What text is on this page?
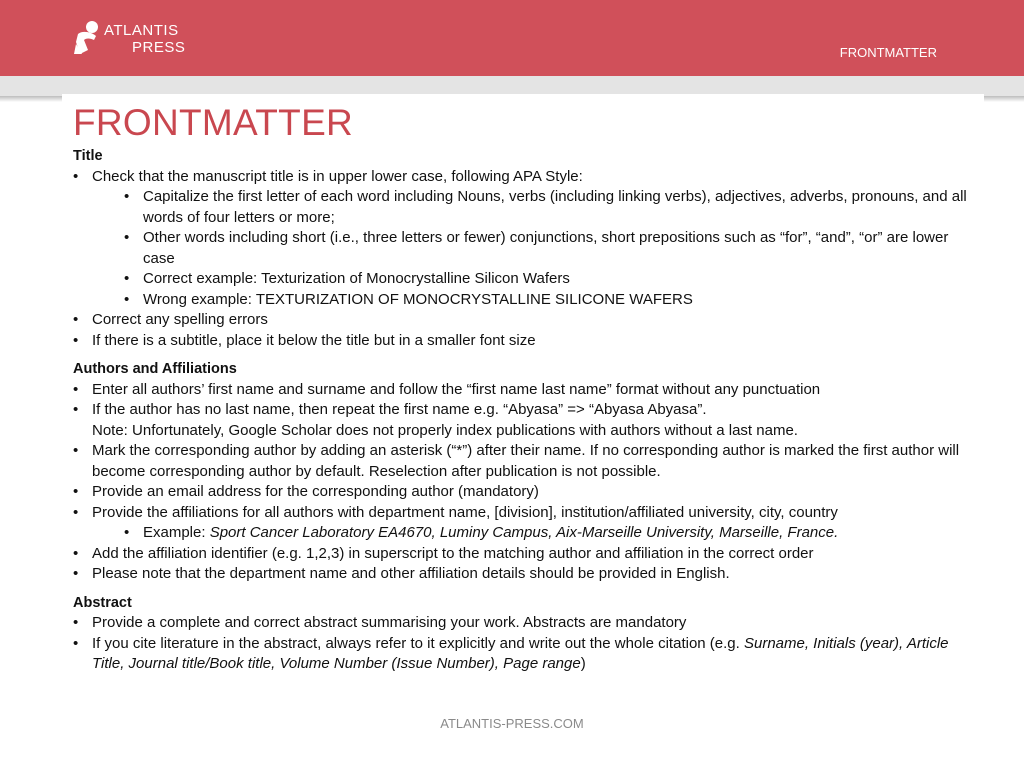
ATLANTIS
PRESS	FRONTMATTER
FRONTMATTER

Title

• Check that the manuscript title is in upper lower case, following APA Style:
• Capitalize the first letter of each word including Nouns, verbs (including linking verbs), adjectives, adverbs, pronouns, and all words of four letters or more;
• Other words including short (i.e., three letters or fewer) conjunctions, short prepositions such as “for”, “and”, “or” are lower case
• Correct example: Texturization of Monocrystalline Silicon Wafers
• Wrong example: TEXTURIZATION OF MONOCRYSTALLINE SILICONE WAFERS
• Correct any spelling errors
• If there is a subtitle, place it below the title but in a smaller font size

Authors and Affiliations

• Enter all authors’ first name and surname and follow the “first name last name” format without any punctuation
• If the author has no last name, then repeat the first name e.g. “Abyasa” => “Abyasa Abyasa”.
Note: Unfortunately, Google Scholar does not properly index publications with authors without a last name.
• Mark the corresponding author by adding an asterisk (“*”) after their name. If no corresponding author is marked the first author will become corresponding author by default. Reselection after publication is not possible.
• Provide an email address for the corresponding author (mandatory)
• Provide the affiliations for all authors with department name, [division], institution/affiliated university, city, country
• Example: Sport Cancer Laboratory EA4670, Luminy Campus, Aix-Marseille University, Marseille, France.
• Add the affiliation identifier (e.g. 1,2,3) in superscript to the matching author and affiliation in the correct order
• Please note that the department name and other affiliation details should be provided in English.

Abstract

• Provide a complete and correct abstract summarising your work. Abstracts are mandatory
• If you cite literature in the abstract, always refer to it explicitly and write out the whole citation (e.g. Surname, Initials (year), Article Title, Journal title/Book title, Volume Number (Issue Number), Page range)
ATLANTIS-PRESS.COM
